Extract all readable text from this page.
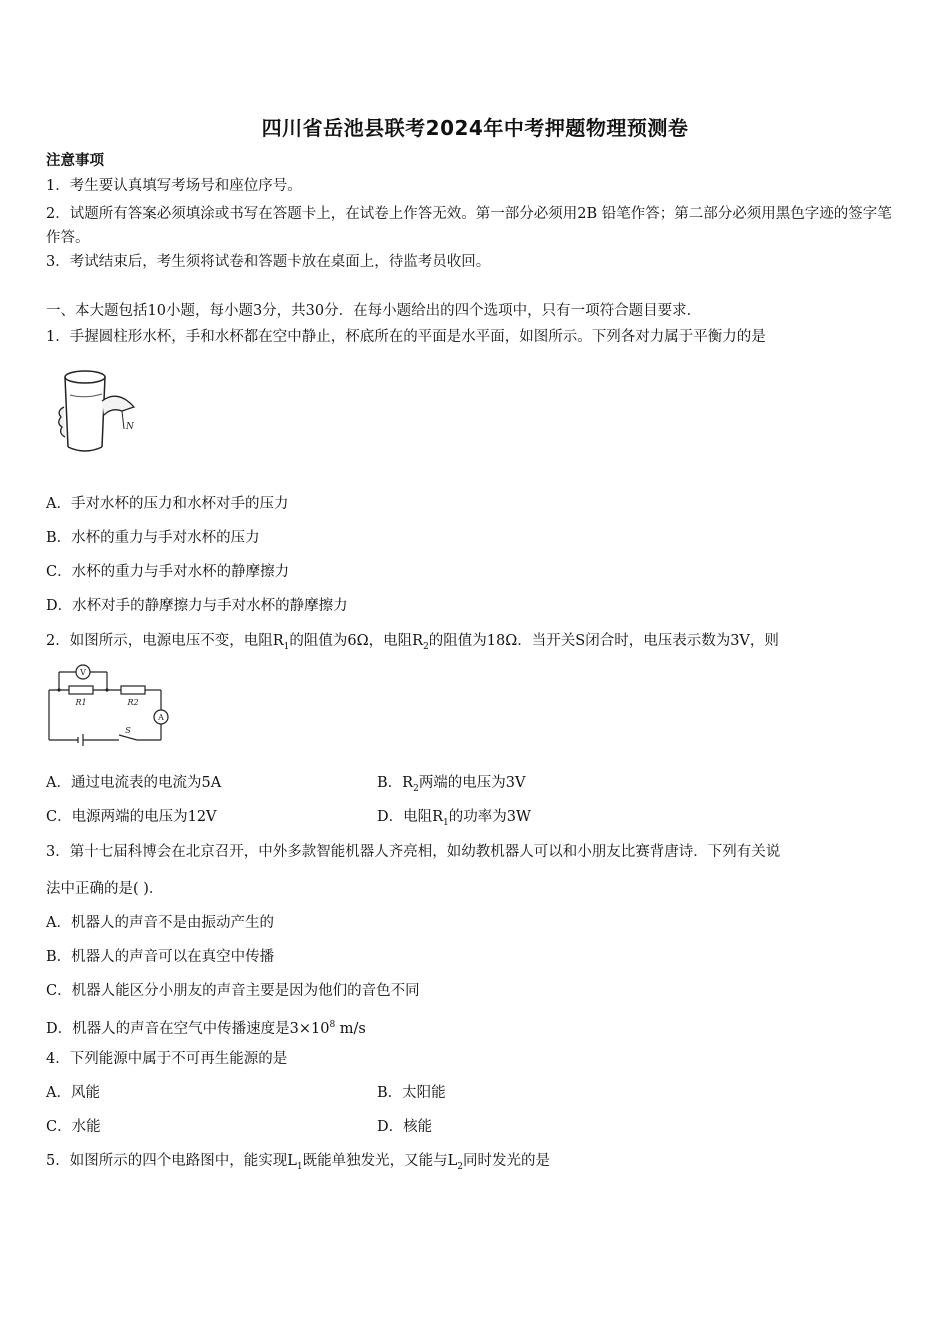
四川省岳池县联考2024年中考押题物理预测卷
注意事项
1．考生要认真填写考场号和座位序号。
2．试题所有答案必须填涂或书写在答题卡上，在试卷上作答无效。第一部分必须用2B 铅笔作答；第二部分必须用黑色字迹的签字笔作答。
3．考试结束后，考生须将试卷和答题卡放在桌面上，待监考员收回。
一、本大题包括10小题，每小题3分，共30分．在每小题给出的四个选项中，只有一项符合题目要求．
1．手握圆柱形水杯，手和水杯都在空中静止，杯底所在的平面是水平面，如图所示。下列各对力属于平衡力的是
N
A．手对水杯的压力和水杯对手的压力
B．水杯的重力与手对水杯的压力
C．水杯的重力与手对水杯的静摩擦力
D．水杯对手的静摩擦力与手对水杯的静摩擦力
2．如图所示，电源电压不变，电阻$R_1$的阻值为6Ω，电阻$R_2$的阻值为18Ω．当开关S闭合时，电压表示数为3V，则
V
A
R1	R2
S
A．通过电流表的电流为5A	B．$R_2$两端的电压为3V
C．电源两端的电压为12V	D．电阻$R_1$的功率为3W
3．第十七届科博会在北京召开，中外多款智能机器人齐亮相，如幼教机器人可以和小朋友比赛背唐诗．下列有关说
法中正确的是( )．
A．机器人的声音不是由振动产生的
B．机器人的声音可以在真空中传播
C．机器人能区分小朋友的声音主要是因为他们的音色不同
D．机器人的声音在空气中传播速度是$3\times 10^8$ m/s
4．下列能源中属于不可再生能源的是
A．风能	B．太阳能
C．水能	D．核能
5．如图所示的四个电路图中，能实现$L_1$既能单独发光，又能与$L_2$同时发光的是
